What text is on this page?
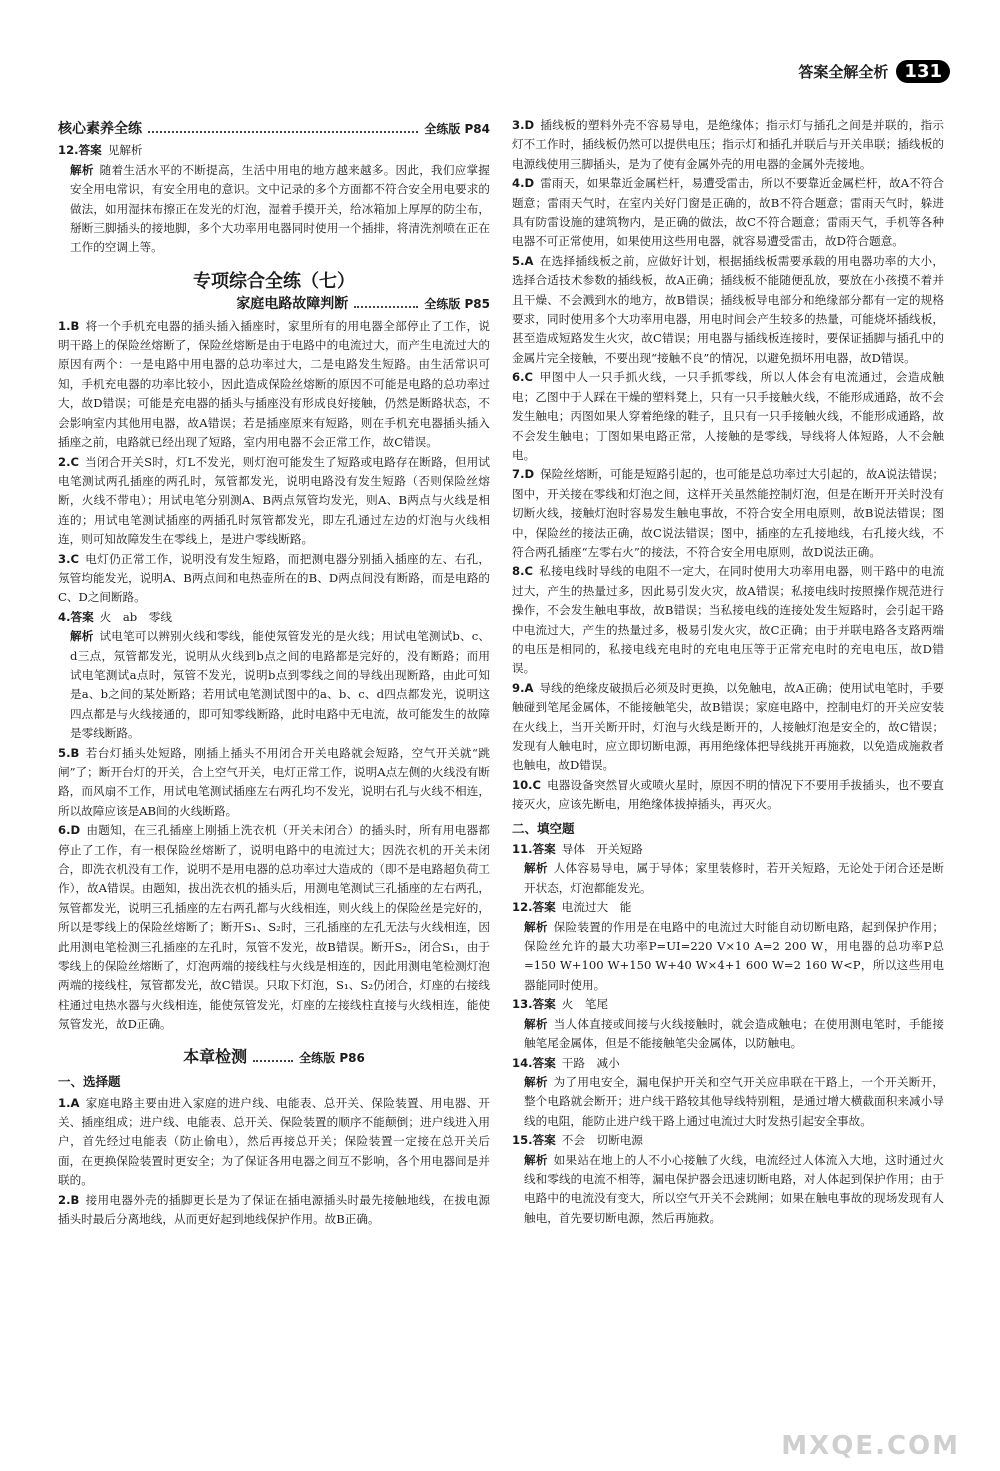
答案全解全析 131
核心素养全练	全练版 P84

12.答案 见解析

解析 随着生活水平的不断提高，生活中用电的地方越来越多。因此，我们应掌握安全用电常识，有安全用电的意识。文中记录的多个方面都不符合安全用电要求的做法，如用湿抹布擦正在发光的灯泡，湿着手摸开关，给冰箱加上厚厚的防尘布，掰断三脚插头的接地脚，多个大功率用电器同时使用一个插排，将清洗剂喷在正在工作的空调上等。

专项综合全练（七）
家庭电路故障判断	全练版 P85

1.B 将一个手机充电器的插头插入插座时，家里所有的用电器全部停止了工作，说明干路上的保险丝熔断了，保险丝熔断是由于电路中的电流过大，而产生电流过大的原因有两个：一是电路中用电器的总功率过大，二是电路发生短路。由生活常识可知，手机充电器的功率比较小，因此造成保险丝熔断的原因不可能是电路的总功率过大，故D错误；可能是充电器的插头与插座没有形成良好接触，仍然是断路状态，不会影响室内其他用电器，故A错误；若是插座原来有短路，则在手机充电器插头插入插座之前，电路就已经出现了短路，室内用电器不会正常工作，故C错误。

2.C 当闭合开关S时，灯L不发光，则灯泡可能发生了短路或电路存在断路，但用试电笔测试两孔插座的两孔时，氖管都发光，说明电路没有发生短路（否则保险丝熔断，火线不带电）；用试电笔分别测A、B两点氖管均发光，则A、B两点与火线是相连的；用试电笔测试插座的两插孔时氖管都发光，即左孔通过左边的灯泡与火线相连，则可知故障发生在零线上，是进户零线断路。

3.C 电灯仍正常工作，说明没有发生短路，而把测电器分别插入插座的左、右孔，氖管均能发光，说明A、B两点间和电热壶所在的B、D两点间没有断路，而是电路的C、D之间断路。

4.答案 火　ab　零线

解析 试电笔可以辨别火线和零线，能使氖管发光的是火线；用试电笔测试b、c、d三点，氖管都发光，说明从火线到b点之间的电路都是完好的，没有断路；而用试电笔测试a点时，氖管不发光，说明b点到零线之间的导线出现断路，由此可知是a、b之间的某处断路；若用试电笔测试图中的a、b、c、d四点都发光，说明这四点都是与火线接通的，即可知零线断路，此时电路中无电流，故可能发生的故障是零线断路。

5.B 若台灯插头处短路，刚插上插头不用闭合开关电路就会短路，空气开关就“跳闸”了；断开台灯的开关，合上空气开关，电灯正常工作，说明A点左侧的火线没有断路，而风扇不工作，用试电笔测试插座左右两孔均不发光，说明右孔与火线不相连，所以故障应该是AB间的火线断路。

6.D 由题知，在三孔插座上刚插上洗衣机（开关未闭合）的插头时，所有用电器都停止了工作，有一根保险丝熔断了，说明电路中的电流过大；因洗衣机的开关未闭合，即洗衣机没有工作，说明不是用电器的总功率过大造成的（即不是电路超负荷工作），故A错误。由题知，拔出洗衣机的插头后，用测电笔测试三孔插座的左右两孔，氖管都发光，说明三孔插座的左右两孔都与火线相连，则火线上的保险丝是完好的，所以是零线上的保险丝熔断了；断开S₁、S₂时，三孔插座的左孔无法与火线相连，因此用测电笔检测三孔插座的左孔时，氖管不发光，故B错误。断开S₂，闭合S₁，由于零线上的保险丝熔断了，灯泡两端的接线柱与火线是相连的，因此用测电笔检测灯泡两端的接线柱，氖管都发光，故C错误。只取下灯泡，S₁、S₂仍闭合，灯座的右接线柱通过电热水器与火线相连，能使氖管发光，灯座的左接线柱直接与火线相连，能使氖管发光，故D正确。

本章检测	全练版 P86
一、选择题

1.A 家庭电路主要由进入家庭的进户线、电能表、总开关、保险装置、用电器、开关、插座组成；进户线、电能表、总开关、保险装置的顺序不能颠倒；进户线进入用户，首先经过电能表（防止偷电），然后再接总开关；保险装置一定接在总开关后面，在更换保险装置时更安全；为了保证各用电器之间互不影响，各个用电器间是并联的。

2.B 接用电器外壳的插脚更长是为了保证在插电源插头时最先接触地线，在拔电源插头时最后分离地线，从而更好起到地线保护作用。故B正确。

3.D 插线板的塑料外壳不容易导电，是绝缘体；指示灯与插孔之间是并联的，指示灯不工作时，插线板仍然可以提供电压；指示灯和插孔并联后与开关串联；插线板的电源线使用三脚插头，是为了使有金属外壳的用电器的金属外壳接地。

4.D 雷雨天，如果靠近金属栏杆，易遭受雷击，所以不要靠近金属栏杆，故A不符合题意；雷雨天气时，在室内关好门窗是正确的，故B不符合题意；雷雨天气时，躲进具有防雷设施的建筑物内，是正确的做法，故C不符合题意；雷雨天气，手机等各种电器不可正常使用，如果使用这些用电器，就容易遭受雷击，故D符合题意。

5.A 在选择插线板之前，应做好计划，根据插线板需要承载的用电器功率的大小，选择合适技术参数的插线板，故A正确；插线板不能随便乱放，要放在小孩摸不着并且干燥、不会溅到水的地方，故B错误；插线板导电部分和绝缘部分都有一定的规格要求，同时使用多个大功率用电器，用电时间会产生较多的热量，可能烧坏插线板，甚至造成短路发生火灾，故C错误；用电器与插线板连接时，要保证插脚与插孔中的金属片完全接触，不要出现“接触不良”的情况，以避免损坏用电器，故D错误。

6.C 甲图中人一只手抓火线，一只手抓零线，所以人体会有电流通过，会造成触电；乙图中于人踩在干燥的塑料凳上，只有一只手接触火线，不能形成通路，故不会发生触电；丙图如果人穿着绝缘的鞋子，且只有一只手接触火线，不能形成通路，故不会发生触电；丁图如果电路正常，人接触的是零线，导线将人体短路，人不会触电。

7.D 保险丝熔断，可能是短路引起的，也可能是总功率过大引起的，故A说法错误；图中，开关接在零线和灯泡之间，这样开关虽然能控制灯泡，但是在断开开关时没有切断火线，接触灯泡时容易发生触电事故，不符合安全用电原则，故B说法错误；图中，保险丝的接法正确，故C说法错误；图中，插座的左孔接地线，右孔接火线，不符合两孔插座“左零右火”的接法，不符合安全用电原则，故D说法正确。

8.C 私接电线时导线的电阻不一定大，在同时使用大功率用电器，则干路中的电流过大，产生的热量过多，因此易引发火灾，故A错误；私接电线时按照操作规范进行操作，不会发生触电事故，故B错误；当私接电线的连接处发生短路时，会引起干路中电流过大，产生的热量过多，极易引发火灾，故C正确；由于并联电路各支路两端的电压是相同的，私接电线充电时的充电电压等于正常充电时的充电电压，故D错误。

9.A 导线的绝缘皮破损后必须及时更换，以免触电，故A正确；使用试电笔时，手要触碰到笔尾金属体，不能接触笔尖，故B错误；家庭电路中，控制电灯的开关应安装在火线上，当开关断开时，灯泡与火线是断开的，人接触灯泡是安全的，故C错误；发现有人触电时，应立即切断电源，再用绝缘体把导线挑开再施救，以免造成施救者也触电，故D错误。

10.C 电器设备突然冒火或喷火星时，原因不明的情况下不要用手拔插头，也不要直接灭火，应该先断电，用绝缘体拔掉插头，再灭火。

二、填空题

11.答案 导体　开关短路

解析 人体容易导电，属于导体；家里装修时，若开关短路，无论处于闭合还是断开状态，灯泡都能发光。

12.答案 电流过大　能

解析 保险装置的作用是在电路中的电流过大时能自动切断电路，起到保护作用；保险丝允许的最大功率P=UI=220 V×10 A=2 200 W，用电器的总功率P总=150 W+100 W+150 W+40 W×4+1 600 W=2 160 W<P，所以这些用电器能同时使用。

13.答案 火　笔尾

解析 当人体直接或间接与火线接触时，就会造成触电；在使用测电笔时，手能接触笔尾金属体，但是不能接触笔尖金属体，以防触电。

14.答案 干路　减小

解析 为了用电安全，漏电保护开关和空气开关应串联在干路上，一个开关断开，整个电路就会断开；进户线干路较其他导线特别粗，是通过增大横截面积来减小导线的电阻，能防止进户线干路上通过电流过大时发热引起安全事故。

15.答案 不会　切断电源

解析 如果站在地上的人不小心接触了火线，电流经过人体流入大地，这时通过火线和零线的电流不相等，漏电保护器会迅速切断电路，对人体起到保护作用；由于电路中的电流没有变大，所以空气开关不会跳闸；如果在触电事故的现场发现有人触电，首先要切断电源，然后再施救。

MXQE.COM
